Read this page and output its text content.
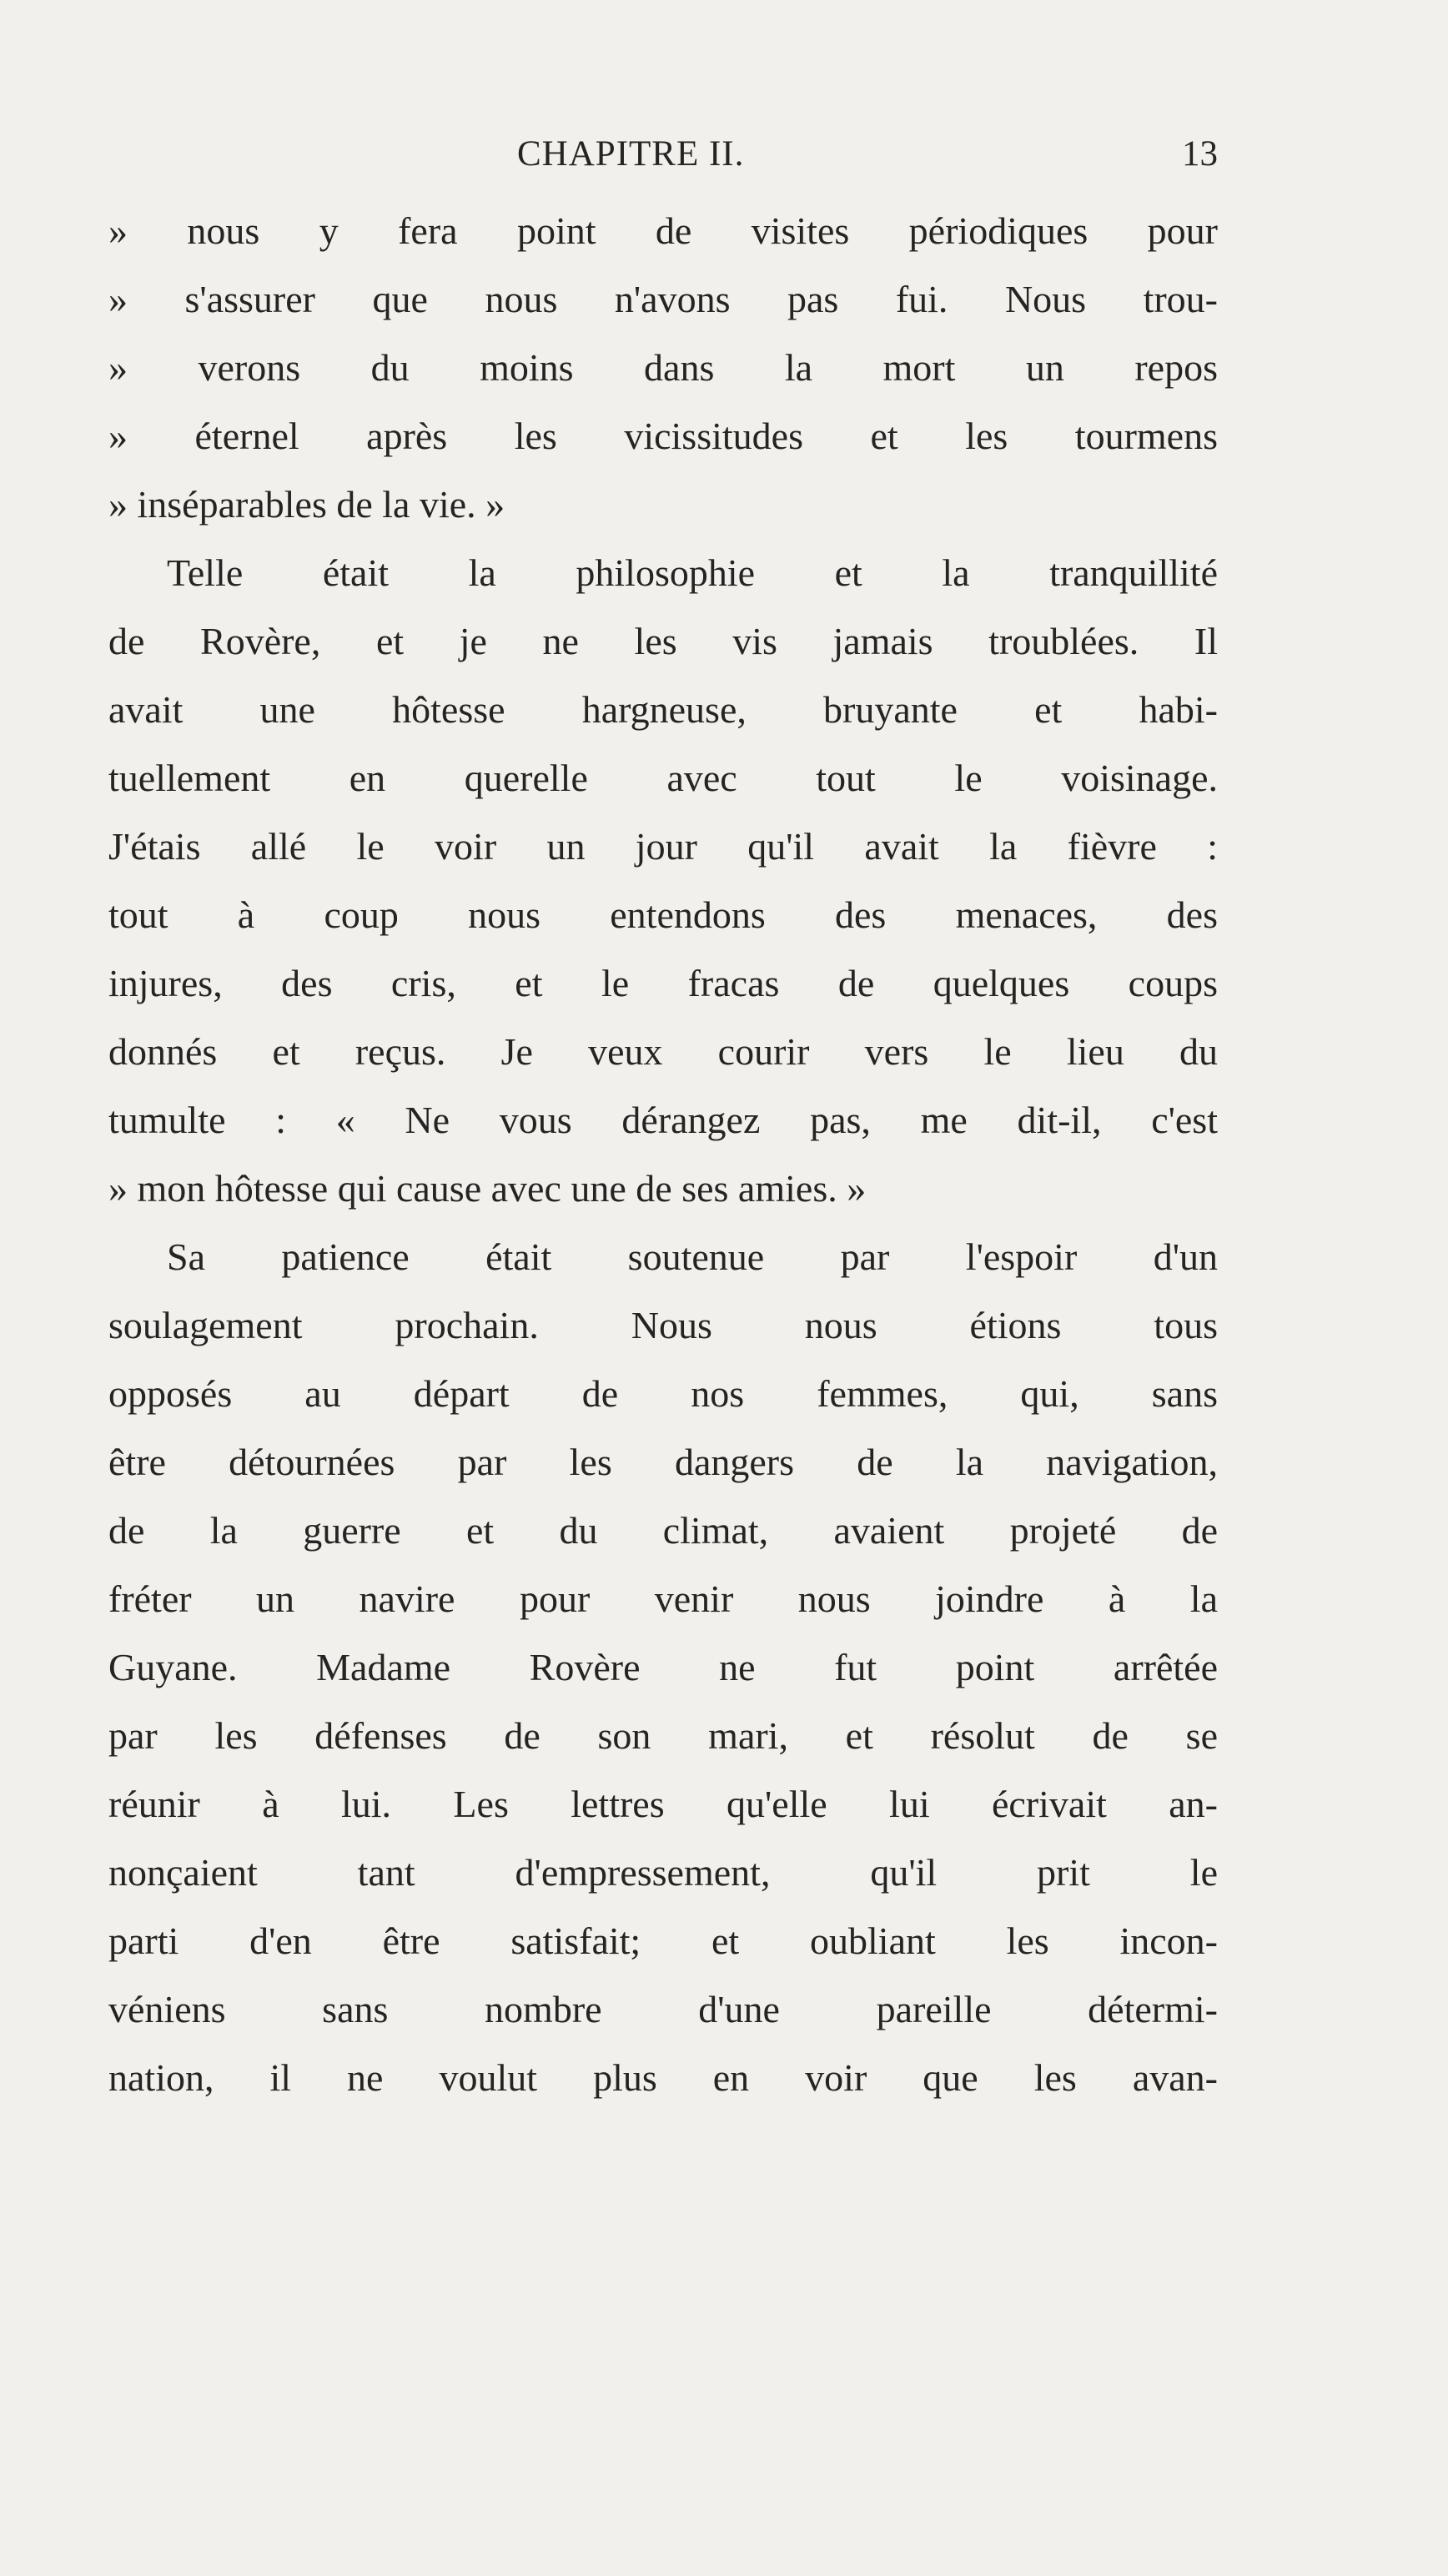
CHAPITRE II.	13
» nous y fera point de visites périodiques pour
» s'assurer que nous n'avons pas fui. Nous trou-
» verons du moins dans la mort un repos
» éternel après les vicissitudes et les tourmens
» inséparables de la vie. »
Telle était la philosophie et la tranquillité
de Rovère, et je ne les vis jamais troublées. Il
avait une hôtesse hargneuse, bruyante et habi-
tuellement en querelle avec tout le voisinage.
J'étais allé le voir un jour qu'il avait la fièvre :
tout à coup nous entendons des menaces, des
injures, des cris, et le fracas de quelques coups
donnés et reçus. Je veux courir vers le lieu du
tumulte : « Ne vous dérangez pas, me dit-il, c'est
» mon hôtesse qui cause avec une de ses amies. »
Sa patience était soutenue par l'espoir d'un
soulagement prochain. Nous nous étions tous
opposés au départ de nos femmes, qui, sans
être détournées par les dangers de la navigation,
de la guerre et du climat, avaient projeté de
fréter un navire pour venir nous joindre à la
Guyane. Madame Rovère ne fut point arrêtée
par les défenses de son mari, et résolut de se
réunir à lui. Les lettres qu'elle lui écrivait an-
nonçaient tant d'empressement, qu'il prit le
parti d'en être satisfait; et oubliant les incon-
véniens sans nombre d'une pareille détermi-
nation, il ne voulut plus en voir que les avan-
